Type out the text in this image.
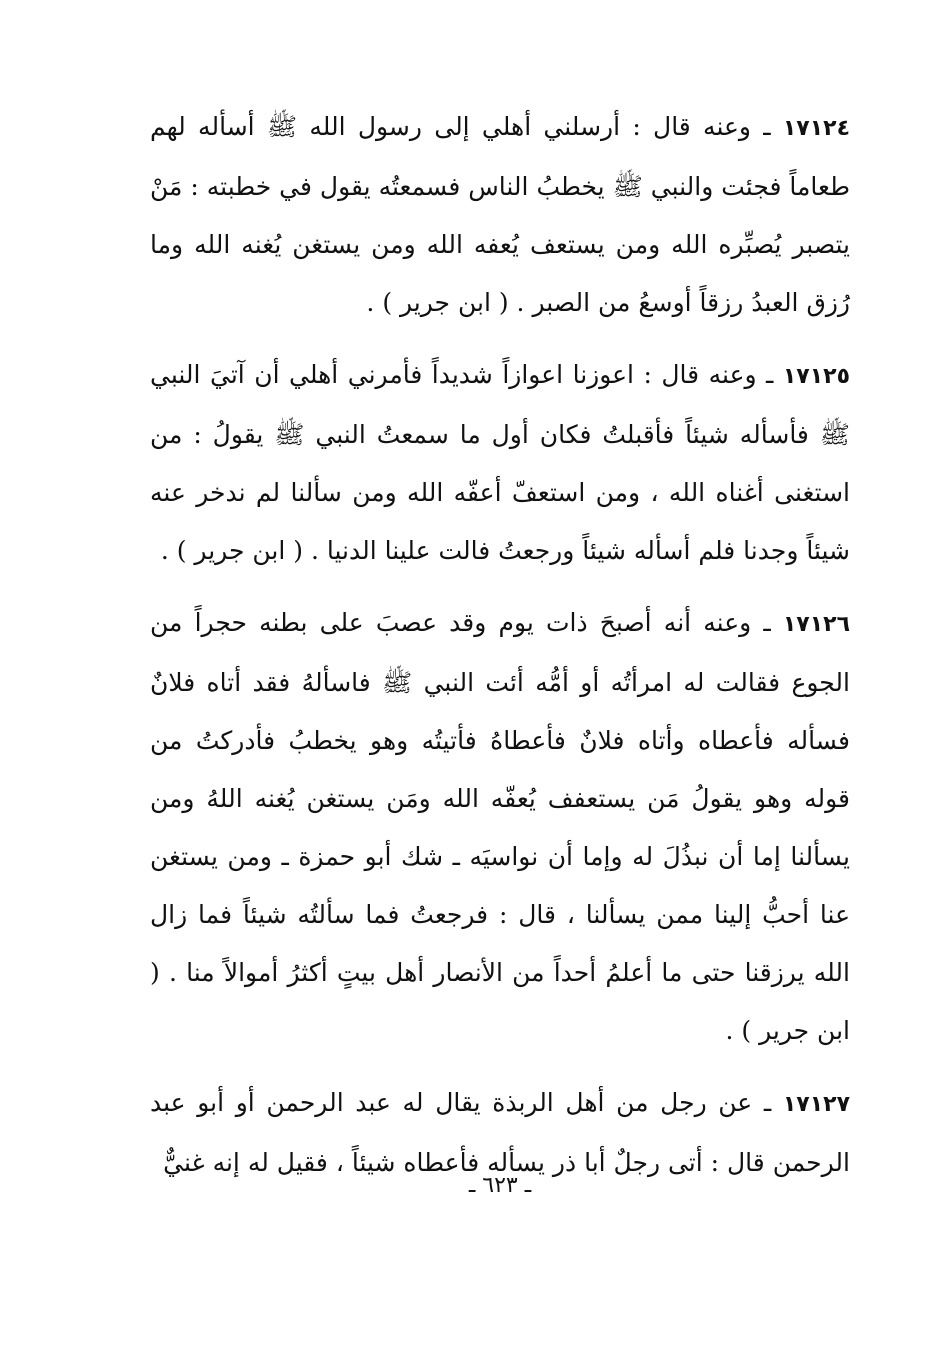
١٧١٢٤ ـ وعنه قال : أرسلني أهلي إلى رسول الله ﷺ أسأله لهم طعاماً فجئت والنبي ﷺ يخطبُ الناس فسمعتُه يقول في خطبته : مَنْ يتصبر يُصبِّره الله ومن يستعف يُعفه الله ومن يستغن يُغنه الله وما رُزق العبدُ رزقاً أوسعُ من الصبر . ( ابن جرير ) .

١٧١٢٥ ـ وعنه قال : اعوزنا اعوازاً شديداً فأمرني أهلي أن آتيَ النبي ﷺ فأسأله شيئاً فأقبلتُ فكان أول ما سمعتُ النبي ﷺ يقولُ : من استغنى أغناه الله ، ومن استعفّ أعفّه الله ومن سألنا لم ندخر عنه شيئاً وجدنا فلم أسأله شيئاً ورجعتُ فالت علينا الدنيا . ( ابن جرير ) .

١٧١٢٦ ـ وعنه أنه أصبحَ ذات يوم وقد عصبَ على بطنه حجراً من الجوع فقالت له امرأتُه أو أمُّه أئت النبي ﷺ فاسألهُ فقد أتاه فلانٌ فسأله فأعطاه وأتاه فلانٌ فأعطاهُ فأتيتُه وهو يخطبُ فأدركتُ من قوله وهو يقولُ مَن يستعفف يُعفّه الله ومَن يستغن يُغنه اللهُ ومن يسألنا إما أن نبذُلَ له وإما أن نواسيَه ـ شك أبو حمزة ـ ومن يستغن عنا أحبُّ إلينا ممن يسألنا ، قال : فرجعتُ فما سألتُه شيئاً فما زال الله يرزقنا حتى ما أعلمُ أحداً من الأنصار أهل بيتٍ أكثرُ أموالاً منا . ( ابن جرير ) .

١٧١٢٧ ـ عن رجل من أهل الربذة يقال له عبد الرحمن أو أبو عبد الرحمن قال : أتى رجلٌ أبا ذر يسأله فأعطاه شيئاً ، فقيل له إنه غنيٌّ

ـ ٦٢٣ ـ
